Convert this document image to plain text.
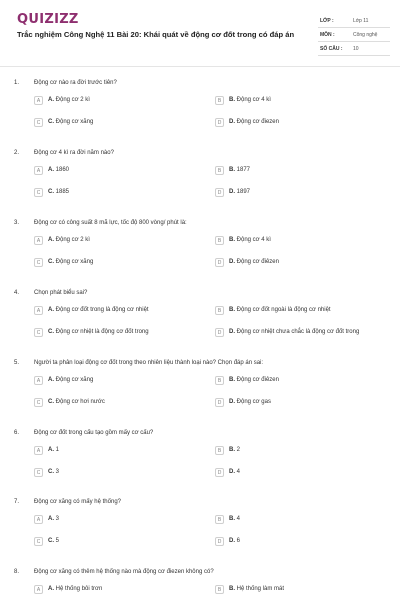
QUIZIZZ
Trắc nghiệm Công Nghệ 11 Bài 20: Khái quát về động cơ đốt trong có đáp án
LỚP :	Lớp 11
MÔN :	Công nghệ
SỐ CÂU : 10
1. Động cơ nào ra đời trước tiên?
A	A. Động cơ 2 kì	B	B. Động cơ 4 kì
C	C. Động cơ xăng	D	D. Động cơ điezen
2. Động cơ 4 kì ra đời năm nào?
A	A. 1860	B	B. 1877
C	C. 1885	D	D. 1897
3. Động cơ có công suất 8 mã lực, tốc độ 800 vòng/ phút là:
A	A. Động cơ 2 kì	B	B. Động cơ 4 kì
C	C. Động cơ xăng	D	D. Động cơ điêzen
4. Chọn phát biểu sai?
A	A. Động cơ đốt trong là động cơ nhiệt	B	B. Động cơ đốt ngoài là động cơ nhiệt
C	C. Động cơ nhiệt là động cơ đốt trong	D	D. Động cơ nhiệt chưa chắc là động cơ đốt trong
5. Người ta phân loại động cơ đốt trong theo nhiên liệu thành loại nào? Chọn đáp án sai:
A	A. Động cơ xăng	B	B. Động cơ điêzen
C	C. Động cơ hơi nước	D	D. Động cơ gas
6. Động cơ đốt trong cấu tạo gồm mấy cơ cấu?
A	A. 1	B	B. 2
C	C. 3	D	D. 4
7. Động cơ xăng có mấy hệ thống?
A	A. 3	B	B. 4
C	C. 5	D	D. 6
8. Động cơ xăng có thêm hệ thống nào mà động cơ điezen không có?
A	A. Hệ thống bôi trơn	B	B. Hệ thống làm mát
